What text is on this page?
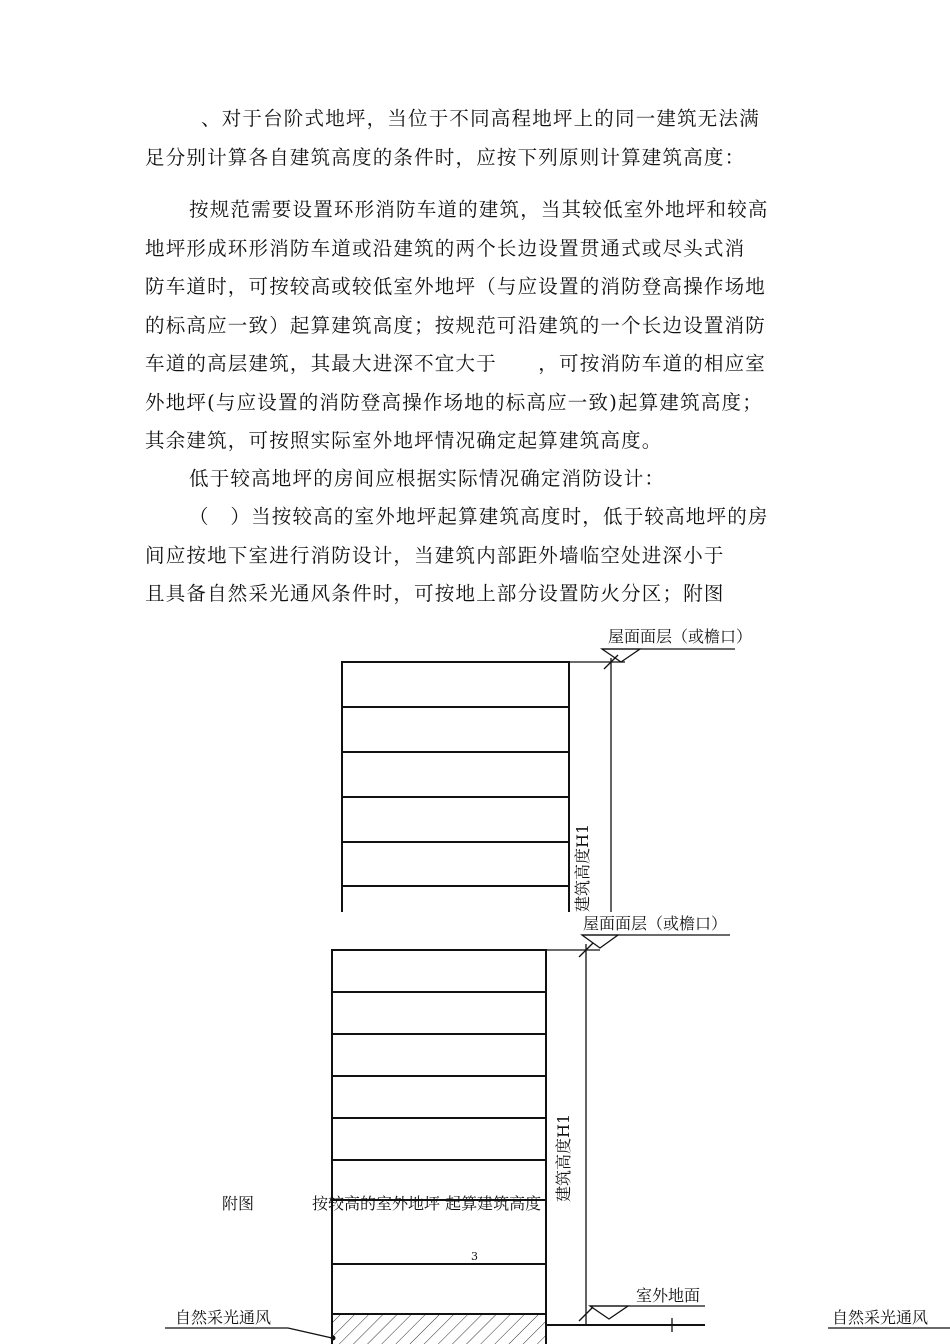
、对于台阶式地坪，当位于不同高程地坪上的同一建筑无法满
足分别计算各自建筑高度的条件时，应按下列原则计算建筑高度：
按规范需要设置环形消防车道的建筑，当其较低室外地坪和较高
地坪形成环形消防车道或沿建筑的两个长边设置贯通式或尽头式消
防车道时，可按较高或较低室外地坪（与应设置的消防登高操作场地
的标高应一致）起算建筑高度；按规范可沿建筑的一个长边设置消防
车道的高层建筑，其最大进深不宜大于　　，可按消防车道的相应室
外地坪(与应设置的消防登高操作场地的标高应一致)起算建筑高度；
其余建筑，可按照实际室外地坪情况确定起算建筑高度。
低于较高地坪的房间应根据实际情况确定消防设计：
（　）当按较高的室外地坪起算建筑高度时，低于较高地坪的房
间应按地下室进行消防设计，当建筑内部距外墙临空处进深小于
且具备自然采光通风条件时，可按地上部分设置防火分区；附图
屋面面层（或檐口）
建筑高度H1
屋面面层（或檐口）
建筑高度H1
室外地面
自然采光通风	自然采光通风
附图	按较高的室外地坪 起算建筑高度
3
